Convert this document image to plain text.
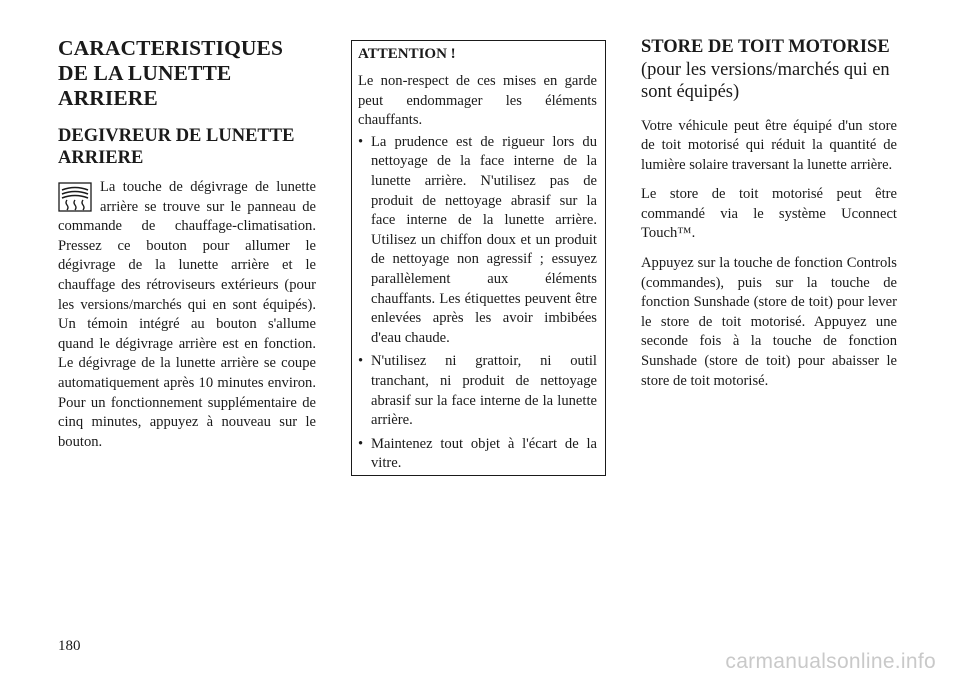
CARACTERISTIQUES DE LA LUNETTE ARRIERE
DEGIVREUR DE LUNETTE ARRIERE

La touche de dégivrage de lunette arrière se trouve sur le panneau de commande de chauffage-climatisation. Pressez ce bouton pour allumer le dégivrage de la lunette arrière et le chauffage des rétroviseurs extérieurs (pour les versions/marchés qui en sont équipés). Un témoin intégré au bouton s'allume quand le dégivrage arrière est en fonction. Le dégivrage de la lunette arrière se coupe automatiquement après 10 minutes environ. Pour un fonctionnement supplémentaire de cinq minutes, appuyez à nouveau sur le bouton.

ATTENTION !

Le non-respect de ces mises en garde peut endommager les éléments chauffants.

• La prudence est de rigueur lors du nettoyage de la face interne de la lunette arrière. N'utilisez pas de produit de nettoyage abrasif sur la face interne de la lunette arrière. Utilisez un chiffon doux et un produit de nettoyage non agressif ; essuyez parallèlement aux éléments chauffants. Les étiquettes peuvent être enlevées après les avoir imbibées d'eau chaude.
• N'utilisez ni grattoir, ni outil tranchant, ni produit de nettoyage abrasif sur la face interne de la lunette arrière.
• Maintenez tout objet à l'écart de la vitre.
STORE DE TOIT MOTORISE (pour les versions/marchés qui en sont équipés)

Votre véhicule peut être équipé d'un store de toit motorisé qui réduit la quantité de lumière solaire traversant la lunette arrière.

Le store de toit motorisé peut être commandé via le système Uconnect Touch™.

Appuyez sur la touche de fonction Controls (commandes), puis sur la touche de fonction Sunshade (store de toit) pour lever le store de toit motorisé. Appuyez une seconde fois à la touche de fonction Sunshade (store de toit) pour abaisser le store de toit motorisé.

180
carmanualsonline.info
